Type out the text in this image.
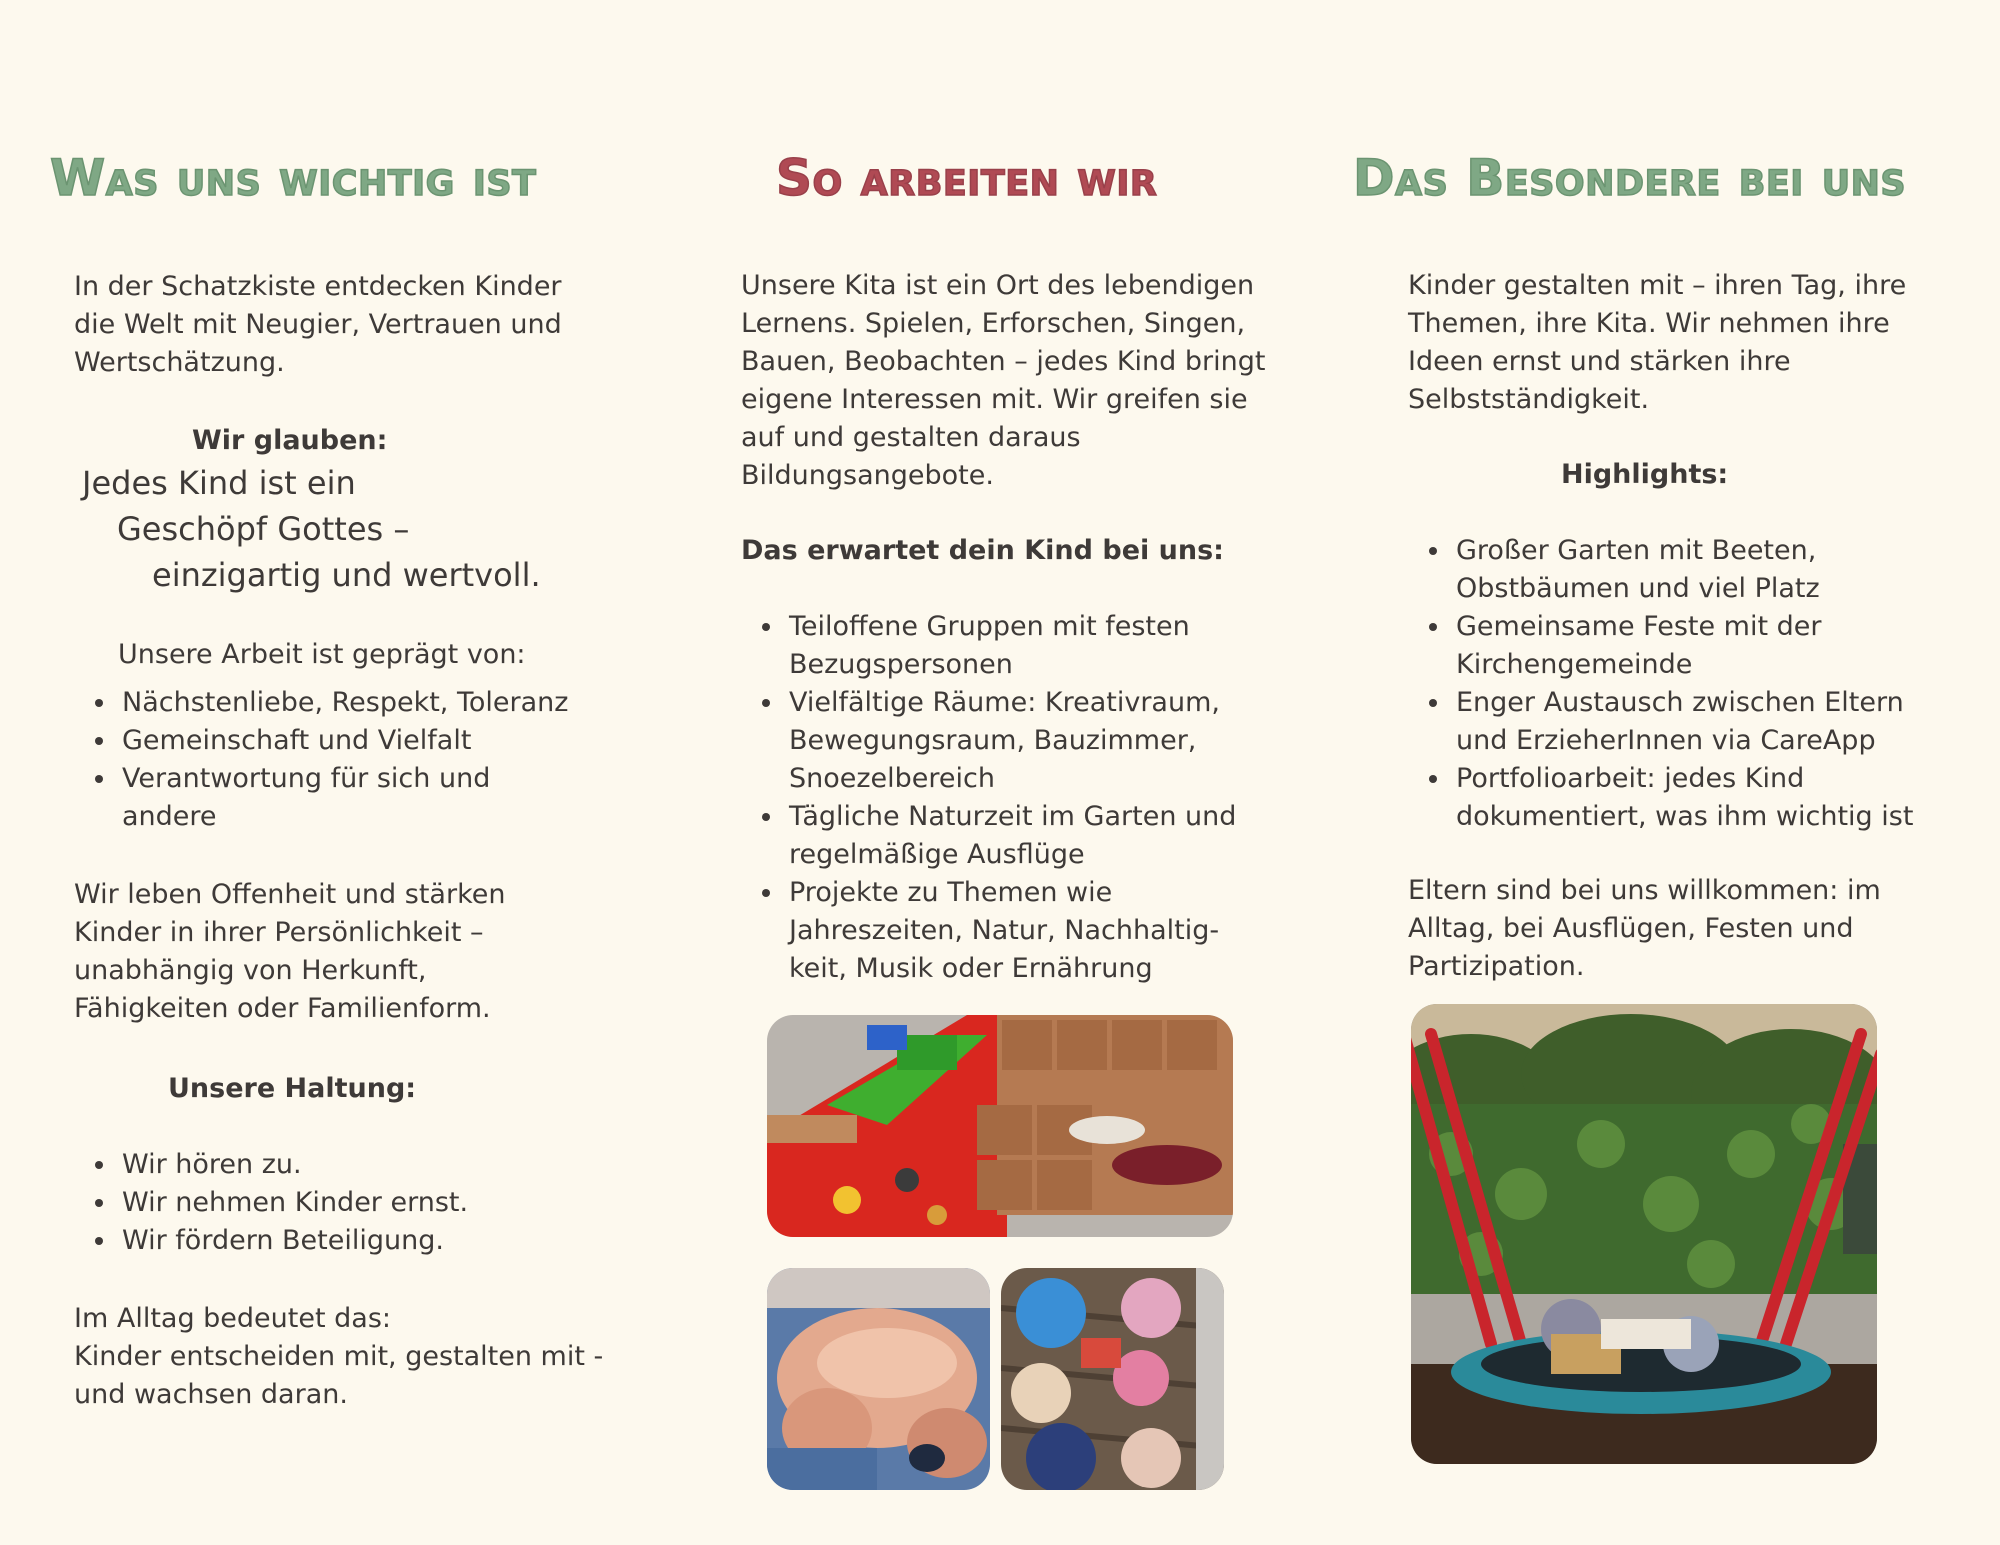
Was uns wichtig ist
In der Schatzkiste entdecken Kinder die Welt mit Neugier, Vertrauen und Wertschätzung.
Wir glauben:
Jedes Kind ist ein
Geschöpf Gottes –
einzigartig und wertvoll.
Unsere Arbeit ist geprägt von:
Nächstenliebe, Respekt, Toleranz
Gemeinschaft und Vielfalt
Verantwortung für sich und andere
Wir leben Offenheit und stärken Kinder in ihrer Persönlichkeit – unabhängig von Herkunft, Fähigkeiten oder Familienform.
Unsere Haltung:
Wir hören zu.
Wir nehmen Kinder ernst.
Wir fördern Beteiligung.
Im Alltag bedeutet das:
Kinder entscheiden mit, gestalten mit - und wachsen daran.
So arbeiten wir
Unsere Kita ist ein Ort des lebendigen Lernens. Spielen, Erforschen, Singen, Bauen, Beobachten – jedes Kind bringt eigene Interessen mit. Wir greifen sie auf und gestalten daraus Bildungsangebote.
Das erwartet dein Kind bei uns:
Teiloffene Gruppen mit festen Bezugspersonen
Vielfältige Räume: Kreativraum, Bewegungsraum, Bauzimmer, Snoezelbereich
Tägliche Naturzeit im Garten und regelmäßige Ausflüge
Projekte zu Themen wie Jahreszeiten, Natur, Nachhaltig-keit, Musik oder Ernährung
Das Besondere bei uns
Kinder gestalten mit – ihren Tag, ihre Themen, ihre Kita. Wir nehmen ihre Ideen ernst und stärken ihre Selbstständigkeit.
Highlights:
Großer Garten mit Beeten, Obstbäumen und viel Platz
Gemeinsame Feste mit der Kirchengemeinde
Enger Austausch zwischen Eltern und ErzieherInnen via CareApp
Portfolioarbeit: jedes Kind dokumentiert, was ihm wichtig ist
Eltern sind bei uns willkommen: im Alltag, bei Ausflügen, Festen und Partizipation.
